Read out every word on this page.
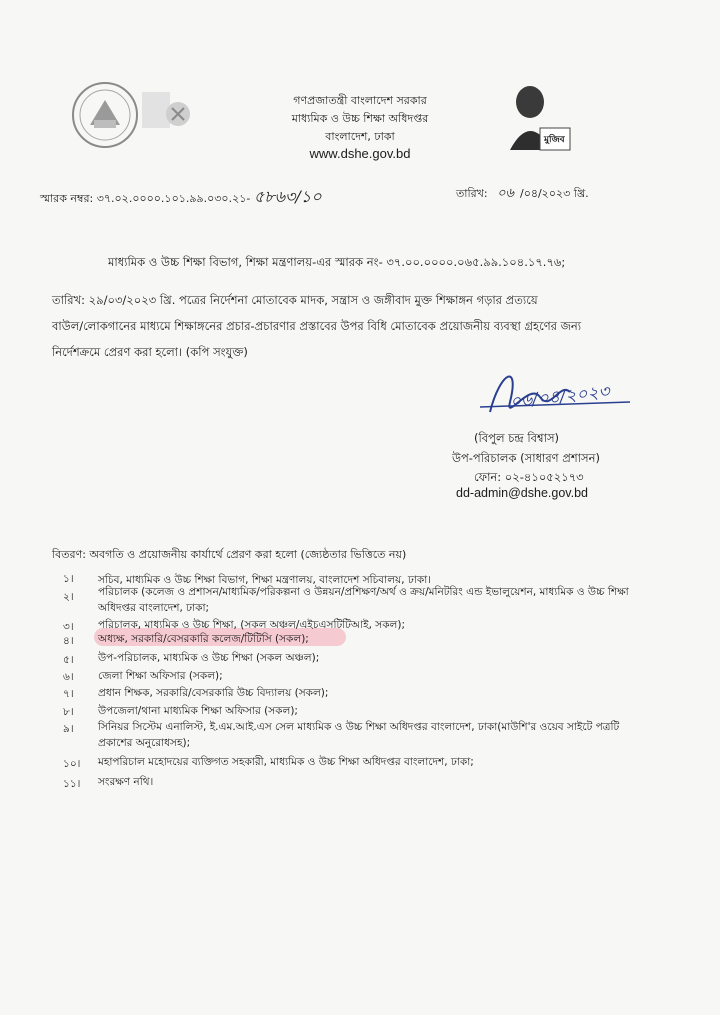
মুজিব
গণপ্রজাতন্ত্রী বাংলাদেশ সরকার
মাধ্যমিক ও উচ্চ শিক্ষা অধিদপ্তর
বাংলাদেশ, ঢাকা
www.dshe.gov.bd
স্মারক নম্বর: ৩৭.০২.০০০০.১০১.৯৯.০৩০.২১- ৫৮৬৩/১০	তারিখ: ০৬ /০৪/২০২৩ খ্রি.
মাধ্যমিক ও উচ্চ শিক্ষা বিভাগ, শিক্ষা মন্ত্রণালয়-এর স্মারক নং- ৩৭.০০.০০০০.০৬৫.৯৯.১০৪.১৭.৭৬;
তারিখ: ২৯/০৩/২০২৩ খ্রি. পত্রের নির্দেশনা মোতাবেক মাদক, সন্ত্রাস ও জঙ্গীবাদ মুক্ত শিক্ষাঙ্গন গড়ার প্রত্যয়ে
বাউল/লোকগানের মাধ্যমে শিক্ষাঙ্গনের প্রচার-প্রচারণার প্রস্তাবের উপর বিধি মোতাবেক প্রয়োজনীয় ব্যবস্থা গ্রহণের জন্য
নির্দেশক্রমে প্রেরণ করা হলো। (কপি সংযুক্ত)
০৬/০৪/২০২৩
(বিপুল চন্দ্র বিশ্বাস)
উপ-পরিচালক (সাধারণ প্রশাসন)
ফোন: ০২-৪১০৫২১৭৩
dd-admin@dshe.gov.bd
বিতরণ: অবগতি ও প্রয়োজনীয় কার্যার্থে প্রেরণ করা হলো (জ্যেষ্ঠতার ভিত্তিতে নয়)
১। সচিব, মাধ্যমিক ও উচ্চ শিক্ষা বিভাগ, শিক্ষা মন্ত্রণালয়, বাংলাদেশ সচিবালয়, ঢাকা।
২। পরিচালক (কলেজ ও প্রশাসন/মাধ্যমিক/পরিকল্পনা ও উন্নয়ন/প্রশিক্ষণ/অর্থ ও ক্রয়/মনিটরিং এন্ড ইভালুয়েশন, মাধ্যমিক ও উচ্চ শিক্ষা অধিদপ্তর বাংলাদেশ, ঢাকা;
৩। পরিচালক, মাধ্যমিক ও উচ্চ শিক্ষা, (সকল অঞ্চল/এইচএসটিটিআই, সকল);
৪। অধ্যক্ষ, সরকারি/বেসরকারি কলেজ/টিটিসি (সকল);
৫। উপ-পরিচালক, মাধ্যমিক ও উচ্চ শিক্ষা (সকল অঞ্চল);
৬। জেলা শিক্ষা অফিসার (সকল);
৭। প্রধান শিক্ষক, সরকারি/বেসরকারি উচ্চ বিদ্যালয় (সকল);
৮। উপজেলা/থানা মাধ্যমিক শিক্ষা অফিসার (সকল);
৯। সিনিয়র সিস্টেম এনালিস্ট, ই.এম.আই.এস সেল মাধ্যমিক ও উচ্চ শিক্ষা অধিদপ্তর বাংলাদেশ, ঢাকা(মাউশি'র ওয়েব সাইটে পত্রটি প্রকাশের অনুরোধসহ);
১০। মহাপরিচাল মহোদয়ের ব্যক্তিগত সহকারী, মাধ্যমিক ও উচ্চ শিক্ষা অধিদপ্তর বাংলাদেশ, ঢাকা;
১১। সংরক্ষণ নথি।
